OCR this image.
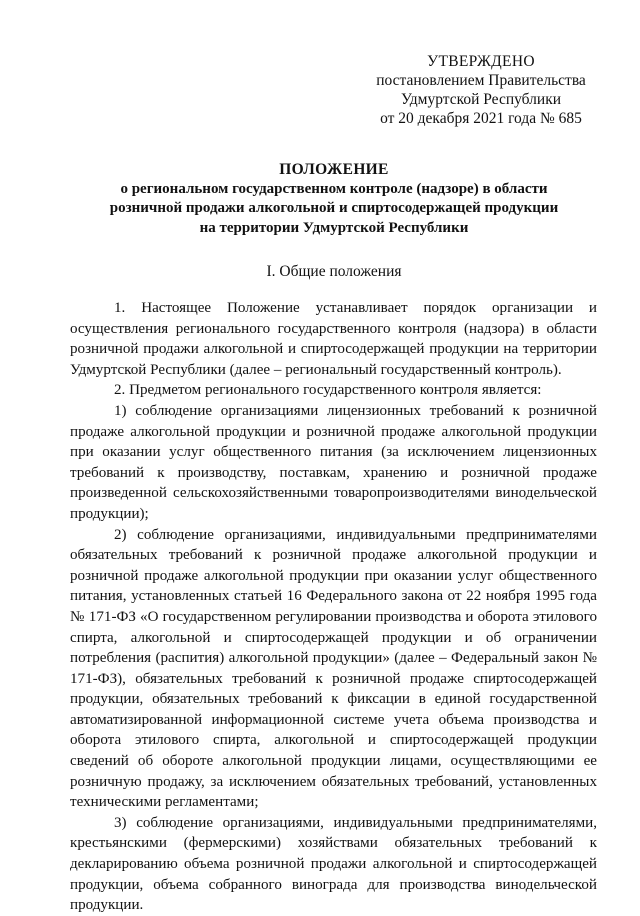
УТВЕРЖДЕНО
постановлением Правительства
Удмуртской Республики
от 20 декабря 2021 года № 685
ПОЛОЖЕНИЕ
о региональном государственном контроле (надзоре) в области
розничной продажи алкогольной и спиртосодержащей продукции
на территории Удмуртской Республики
I. Общие положения

1. Настоящее Положение устанавливает порядок организации и осуществления регионального государственного контроля (надзора) в области розничной продажи алкогольной и спиртосодержащей продукции на территории Удмуртской Республики (далее – региональный государственный контроль).

2. Предметом регионального государственного контроля является:

1) соблюдение организациями лицензионных требований к розничной продаже алкогольной продукции и розничной продаже алкогольной продукции при оказании услуг общественного питания (за исключением лицензионных требований к производству, поставкам, хранению и розничной продаже произведенной сельскохозяйственными товаропроизводителями винодельческой продукции);

2) соблюдение организациями, индивидуальными предпринимателями обязательных требований к розничной продаже алкогольной продукции и розничной продаже алкогольной продукции при оказании услуг общественного питания, установленных статьей 16 Федерального закона от 22 ноября 1995 года № 171-ФЗ «О государственном регулировании производства и оборота этилового спирта, алкогольной и спиртосодержащей продукции и об ограничении потребления (распития) алкогольной продукции» (далее – Федеральный закон № 171-ФЗ), обязательных требований к розничной продаже спиртосодержащей продукции, обязательных требований к фиксации в единой государственной автоматизированной информационной системе учета объема производства и оборота этилового спирта, алкогольной и спиртосодержащей продукции сведений об обороте алкогольной продукции лицами, осуществляющими ее розничную продажу, за исключением обязательных требований, установленных техническими регламентами;

3) соблюдение организациями, индивидуальными предпринимателями, крестьянскими (фермерскими) хозяйствами обязательных требований к декларированию объема розничной продажи алкогольной и спиртосодержащей продукции, объема собранного винограда для производства винодельческой продукции.
